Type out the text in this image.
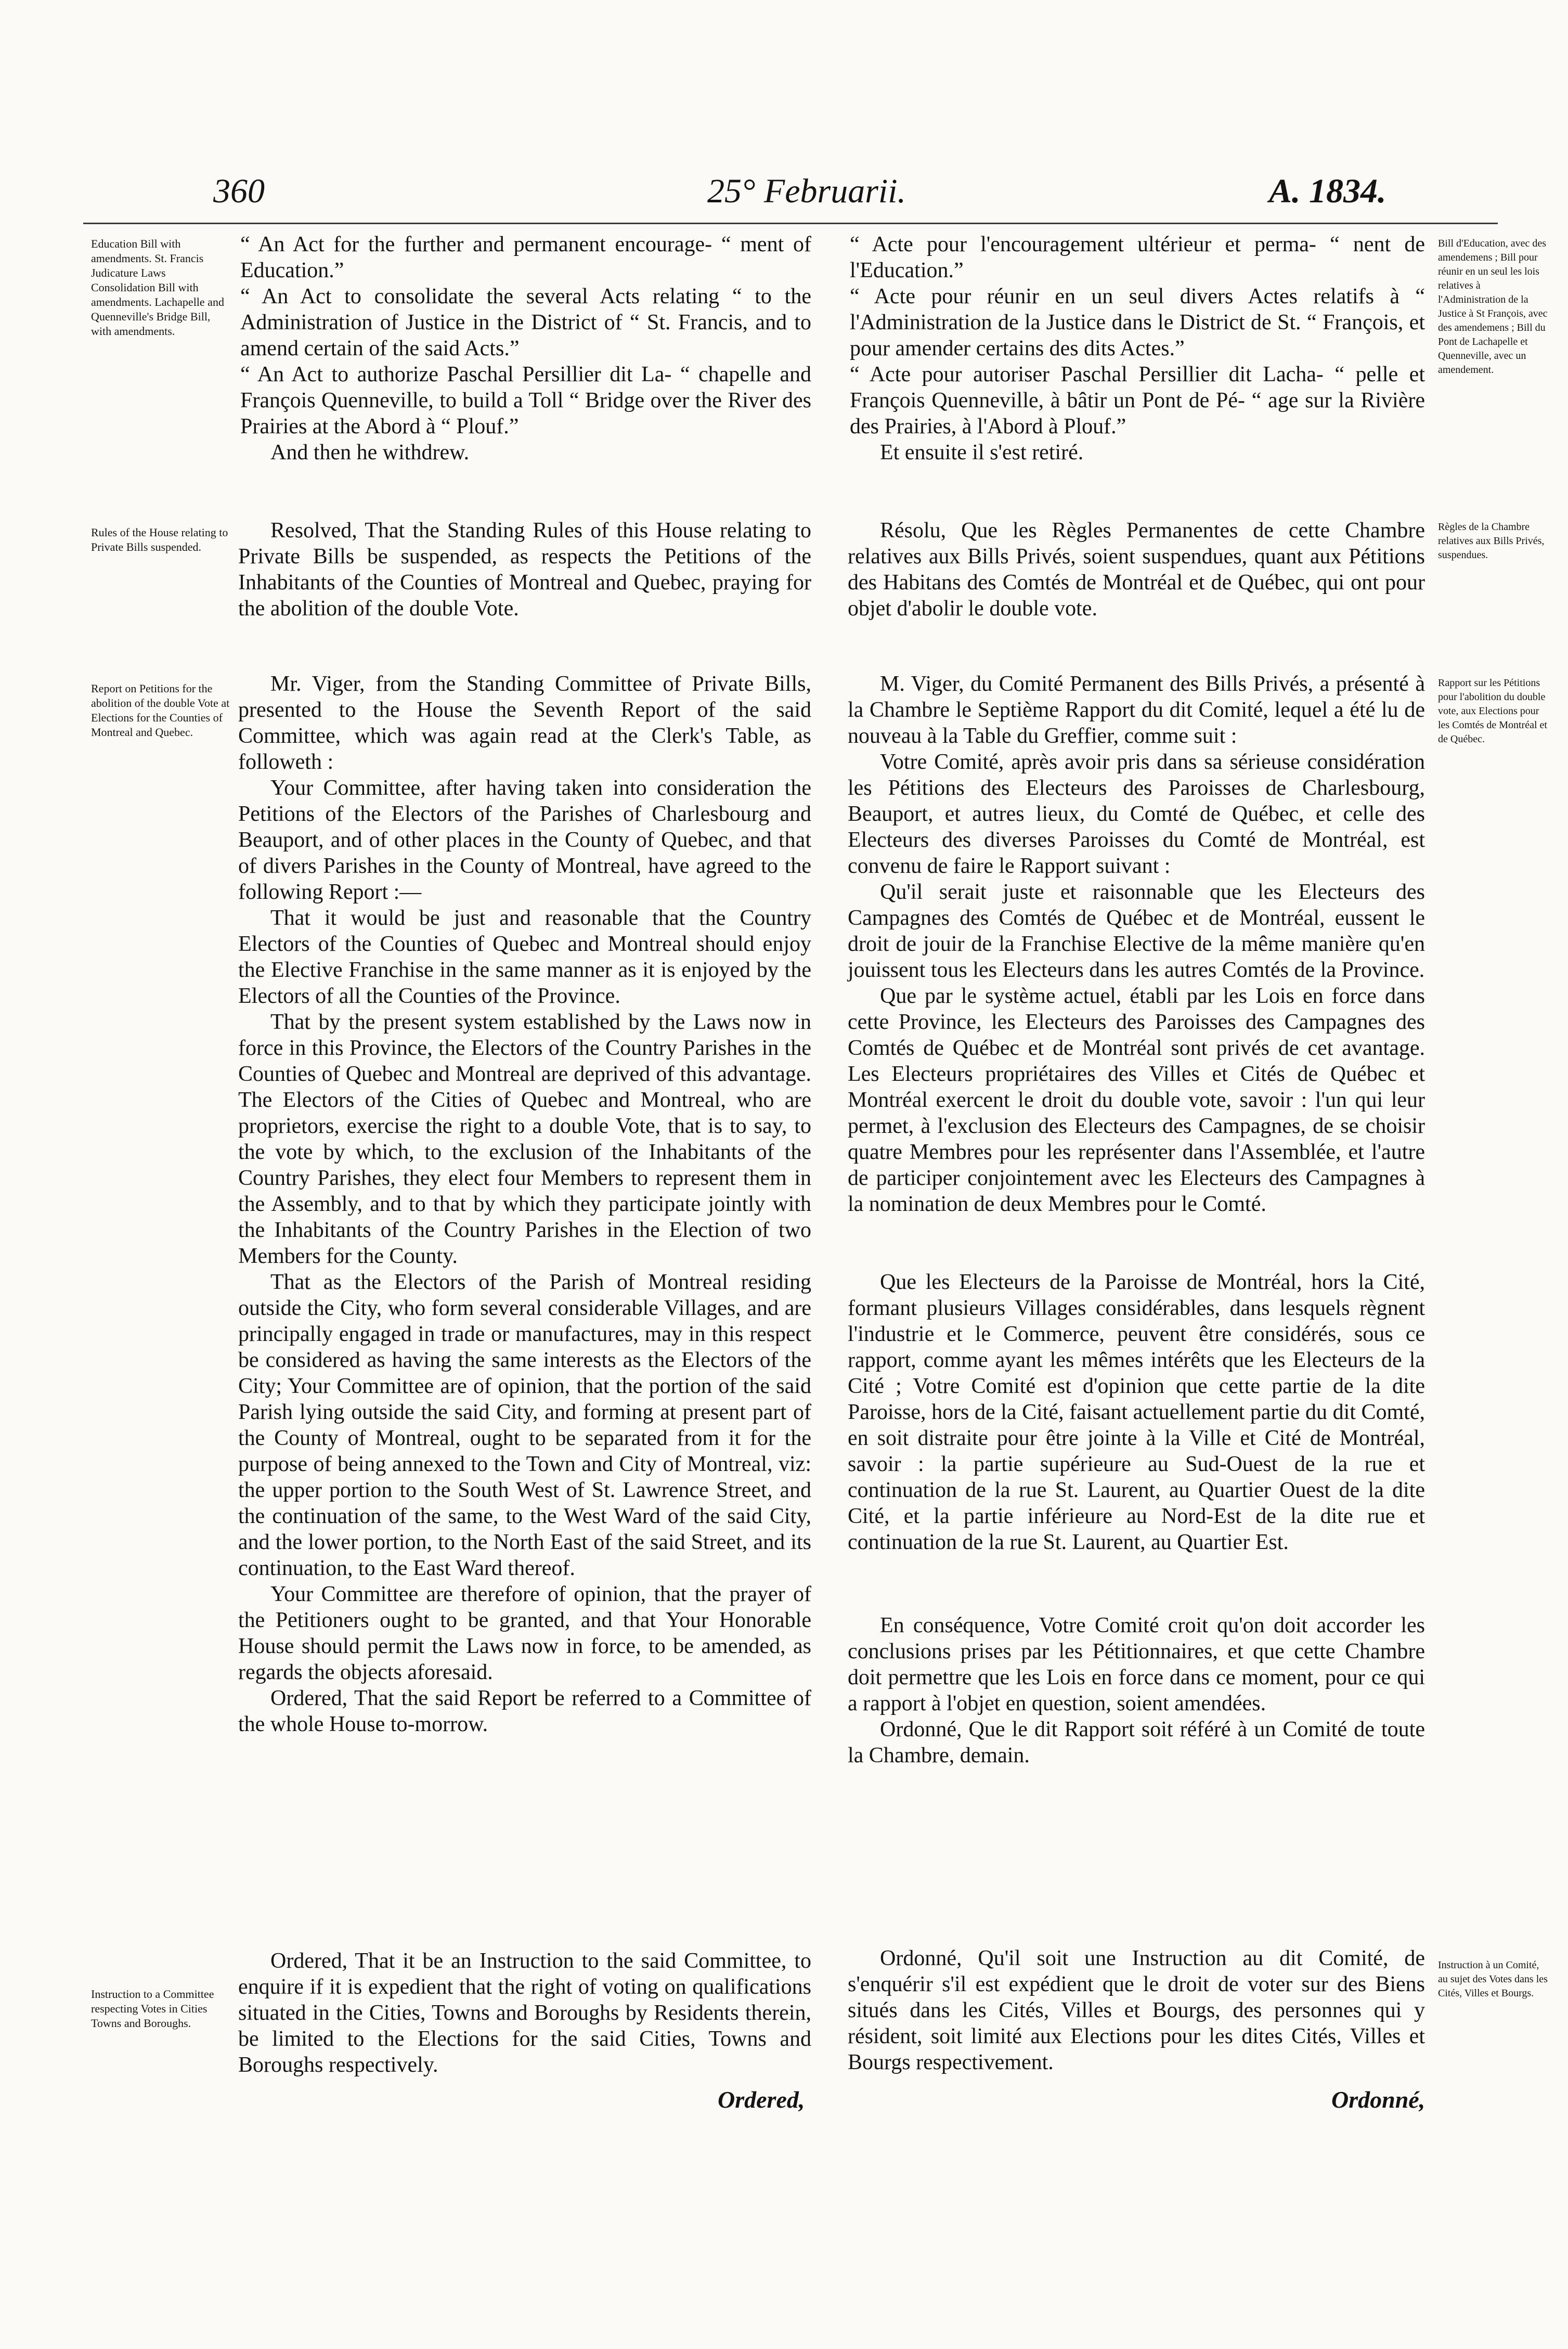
360	25° Februarii.	A. 1834.
Education Bill with amendments. St. Francis Judicature Laws Consolidation Bill with amendments. Lachapelle and Quenneville's Bridge Bill, with amendments.
Bill d'Education, avec des amendemens ; Bill pour réunir en un seul les lois relatives à l'Administration de la Justice à St François, avec des amendemens ; Bill du Pont de Lachapelle et Quenneville, avec un amendement.

“ An Act for the further and permanent encourage- “ ment of Education.”

“ An Act to consolidate the several Acts relating “ to the Administration of Justice in the District of “ St. Francis, and to amend certain of the said Acts.”

“ An Act to authorize Paschal Persillier dit La- “ chapelle and François Quenneville, to build a Toll “ Bridge over the River des Prairies at the Abord à “ Plouf.”

And then he withdrew.

“ Acte pour l'encouragement ultérieur et perma- “ nent de l'Education.”

“ Acte pour réunir en un seul divers Actes relatifs à “ l'Administration de la Justice dans le District de St. “ François, et pour amender certains des dits Actes.”

“ Acte pour autoriser Paschal Persillier dit Lacha- “ pelle et François Quenneville, à bâtir un Pont de Pé- “ age sur la Rivière des Prairies, à l'Abord à Plouf.”

Et ensuite il s'est retiré.

Rules of the House relating to Private Bills suspended.
Règles de la Chambre relatives aux Bills Privés, suspendues.

Resolved, That the Standing Rules of this House relating to Private Bills be suspended, as respects the Petitions of the Inhabitants of the Counties of Montreal and Quebec, praying for the abolition of the double Vote.

Résolu, Que les Règles Permanentes de cette Chambre relatives aux Bills Privés, soient suspendues, quant aux Pétitions des Habitans des Comtés de Montréal et de Québec, qui ont pour objet d'abolir le double vote.

Report on Petitions for the abolition of the double Vote at Elections for the Counties of Montreal and Quebec.
Rapport sur les Pétitions pour l'abolition du double vote, aux Elections pour les Comtés de Montréal et de Québec.

Mr. Viger, from the Standing Committee of Private Bills, presented to the House the Seventh Report of the said Committee, which was again read at the Clerk's Table, as followeth :

Your Committee, after having taken into consideration the Petitions of the Electors of the Parishes of Charlesbourg and Beauport, and of other places in the County of Quebec, and that of divers Parishes in the County of Montreal, have agreed to the following Report :—

That it would be just and reasonable that the Country Electors of the Counties of Quebec and Montreal should enjoy the Elective Franchise in the same manner as it is enjoyed by the Electors of all the Counties of the Province.

That by the present system established by the Laws now in force in this Province, the Electors of the Country Parishes in the Counties of Quebec and Montreal are deprived of this advantage. The Electors of the Cities of Quebec and Montreal, who are proprietors, exercise the right to a double Vote, that is to say, to the vote by which, to the exclusion of the Inhabitants of the Country Parishes, they elect four Members to represent them in the Assembly, and to that by which they participate jointly with the Inhabitants of the Country Parishes in the Election of two Members for the County.

That as the Electors of the Parish of Montreal residing outside the City, who form several considerable Villages, and are principally engaged in trade or manufactures, may in this respect be considered as having the same interests as the Electors of the City; Your Committee are of opinion, that the portion of the said Parish lying outside the said City, and forming at present part of the County of Montreal, ought to be separated from it for the purpose of being annexed to the Town and City of Montreal, viz: the upper portion to the South West of St. Lawrence Street, and the continuation of the same, to the West Ward of the said City, and the lower portion, to the North East of the said Street, and its continuation, to the East Ward thereof.

Your Committee are therefore of opinion, that the prayer of the Petitioners ought to be granted, and that Your Honorable House should permit the Laws now in force, to be amended, as regards the objects aforesaid.

Ordered, That the said Report be referred to a Committee of the whole House to-morrow.

M. Viger, du Comité Permanent des Bills Privés, a présenté à la Chambre le Septième Rapport du dit Comité, lequel a été lu de nouveau à la Table du Greffier, comme suit :

Votre Comité, après avoir pris dans sa sérieuse considération les Pétitions des Electeurs des Paroisses de Charlesbourg, Beauport, et autres lieux, du Comté de Québec, et celle des Electeurs des diverses Paroisses du Comté de Montréal, est convenu de faire le Rapport suivant :

Qu'il serait juste et raisonnable que les Electeurs des Campagnes des Comtés de Québec et de Montréal, eussent le droit de jouir de la Franchise Elective de la même manière qu'en jouissent tous les Electeurs dans les autres Comtés de la Province.

Que par le système actuel, établi par les Lois en force dans cette Province, les Electeurs des Paroisses des Campagnes des Comtés de Québec et de Montréal sont privés de cet avantage. Les Electeurs propriétaires des Villes et Cités de Québec et Montréal exercent le droit du double vote, savoir : l'un qui leur permet, à l'exclusion des Electeurs des Campagnes, de se choisir quatre Membres pour les représenter dans l'Assemblée, et l'autre de participer conjointement avec les Electeurs des Campagnes à la nomination de deux Membres pour le Comté.

Que les Electeurs de la Paroisse de Montréal, hors la Cité, formant plusieurs Villages considérables, dans lesquels règnent l'industrie et le Commerce, peuvent être considérés, sous ce rapport, comme ayant les mêmes intérêts que les Electeurs de la Cité ; Votre Comité est d'opinion que cette partie de la dite Paroisse, hors de la Cité, faisant actuellement partie du dit Comté, en soit distraite pour être jointe à la Ville et Cité de Montréal, savoir : la partie supérieure au Sud-Ouest de la rue et continuation de la rue St. Laurent, au Quartier Ouest de la dite Cité, et la partie inférieure au Nord-Est de la dite rue et continuation de la rue St. Laurent, au Quartier Est.

En conséquence, Votre Comité croit qu'on doit accorder les conclusions prises par les Pétitionnaires, et que cette Chambre doit permettre que les Lois en force dans ce moment, pour ce qui a rapport à l'objet en question, soient amendées.

Ordonné, Que le dit Rapport soit référé à un Comité de toute la Chambre, demain.

Instruction to a Committee respecting Votes in Cities Towns and Boroughs.
Instruction à un Comité, au sujet des Votes dans les Cités, Villes et Bourgs.

Ordered, That it be an Instruction to the said Committee, to enquire if it is expedient that the right of voting on qualifications situated in the Cities, Towns and Boroughs by Residents therein, be limited to the Elections for the said Cities, Towns and Boroughs respectively.

Ordonné, Qu'il soit une Instruction au dit Comité, de s'enquérir s'il est expédient que le droit de voter sur des Biens situés dans les Cités, Villes et Bourgs, des personnes qui y résident, soit limité aux Elections pour les dites Cités, Villes et Bourgs respectivement.

Ordered,	Ordonné,
